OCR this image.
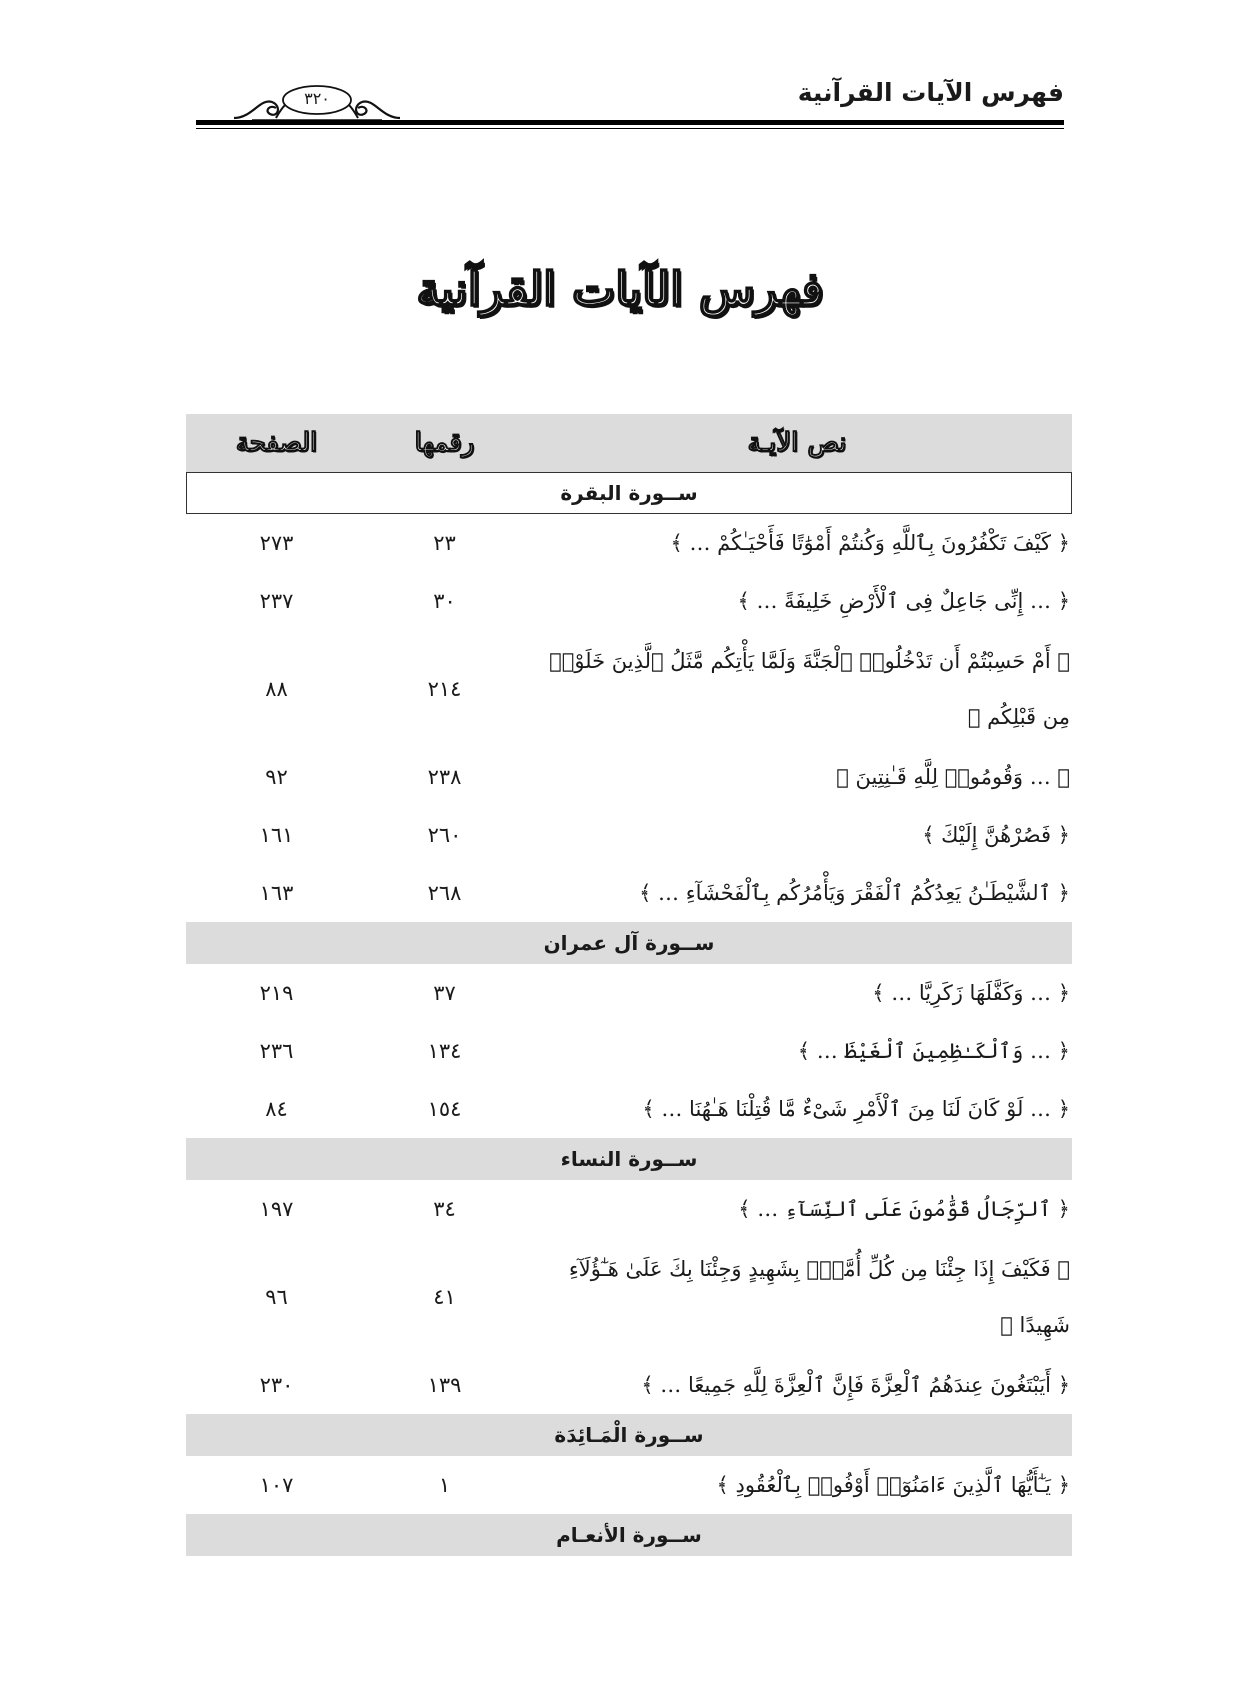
فهرس الآيات القرآنية
٣٢٠
فهرس الآيات القرآنية
نص الآيـة
رقمها
الصفحة
ســورة البقرة
﴿ كَيْفَ تَكْفُرُونَ بِٱللَّهِ وَكُنتُمْ أَمْوَٰتًا فَأَحْيَـٰكُمْ … ﴾
٢٣
٢٧٣
﴿ … إِنِّى جَاعِلٌ فِى ٱلْأَرْضِ خَلِيفَةً … ﴾
٣٠
٢٣٧
﴿ أَمْ حَسِبْتُمْ أَن تَدْخُلُوا۟ ٱلْجَنَّةَ وَلَمَّا يَأْتِكُم مَّثَلُ ٱلَّذِينَ خَلَوْا۟ مِن قَبْلِكُم ﴾
٢١٤
٨٨
﴿ … وَقُومُوا۟ لِلَّهِ قَـٰنِتِينَ ﴾
٢٣٨
٩٢
﴿ فَصُرْهُنَّ إِلَيْكَ ﴾
٢٦٠
١٦١
﴿ ٱلشَّيْطَـٰنُ يَعِدُكُمُ ٱلْفَقْرَ وَيَأْمُرُكُم بِٱلْفَحْشَآءِ … ﴾
٢٦٨
١٦٣
ســورة آل عمران
﴿ … وَكَفَّلَهَا زَكَرِيَّا … ﴾
٣٧
٢١٩
﴿ … وَٱلْكَـٰظِمِينَ ٱلْغَيْظَ … ﴾
١٣٤
٢٣٦
﴿ … لَوْ كَانَ لَنَا مِنَ ٱلْأَمْرِ شَىْءٌ مَّا قُتِلْنَا هَـٰهُنَا … ﴾
١٥٤
٨٤
ســورة النساء
﴿ ٱلرِّجَالُ قَوَّٰمُونَ عَلَى ٱلنِّسَآءِ … ﴾
٣٤
١٩٧
﴿ فَكَيْفَ إِذَا جِئْنَا مِن كُلِّ أُمَّةٍۭ بِشَهِيدٍ وَجِئْنَا بِكَ عَلَىٰ هَـٰٓؤُلَآءِ شَهِيدًا ﴾
٤١
٩٦
﴿ أَيَبْتَغُونَ عِندَهُمُ ٱلْعِزَّةَ فَإِنَّ ٱلْعِزَّةَ لِلَّهِ جَمِيعًا … ﴾
١٣٩
٢٣٠
ســورة الْمَـائِدَة
﴿ يَـٰٓأَيُّهَا ٱلَّذِينَ ءَامَنُوٓا۟ أَوْفُوا۟ بِٱلْعُقُودِ ﴾
١
١٠٧
ســورة الأنعـام
